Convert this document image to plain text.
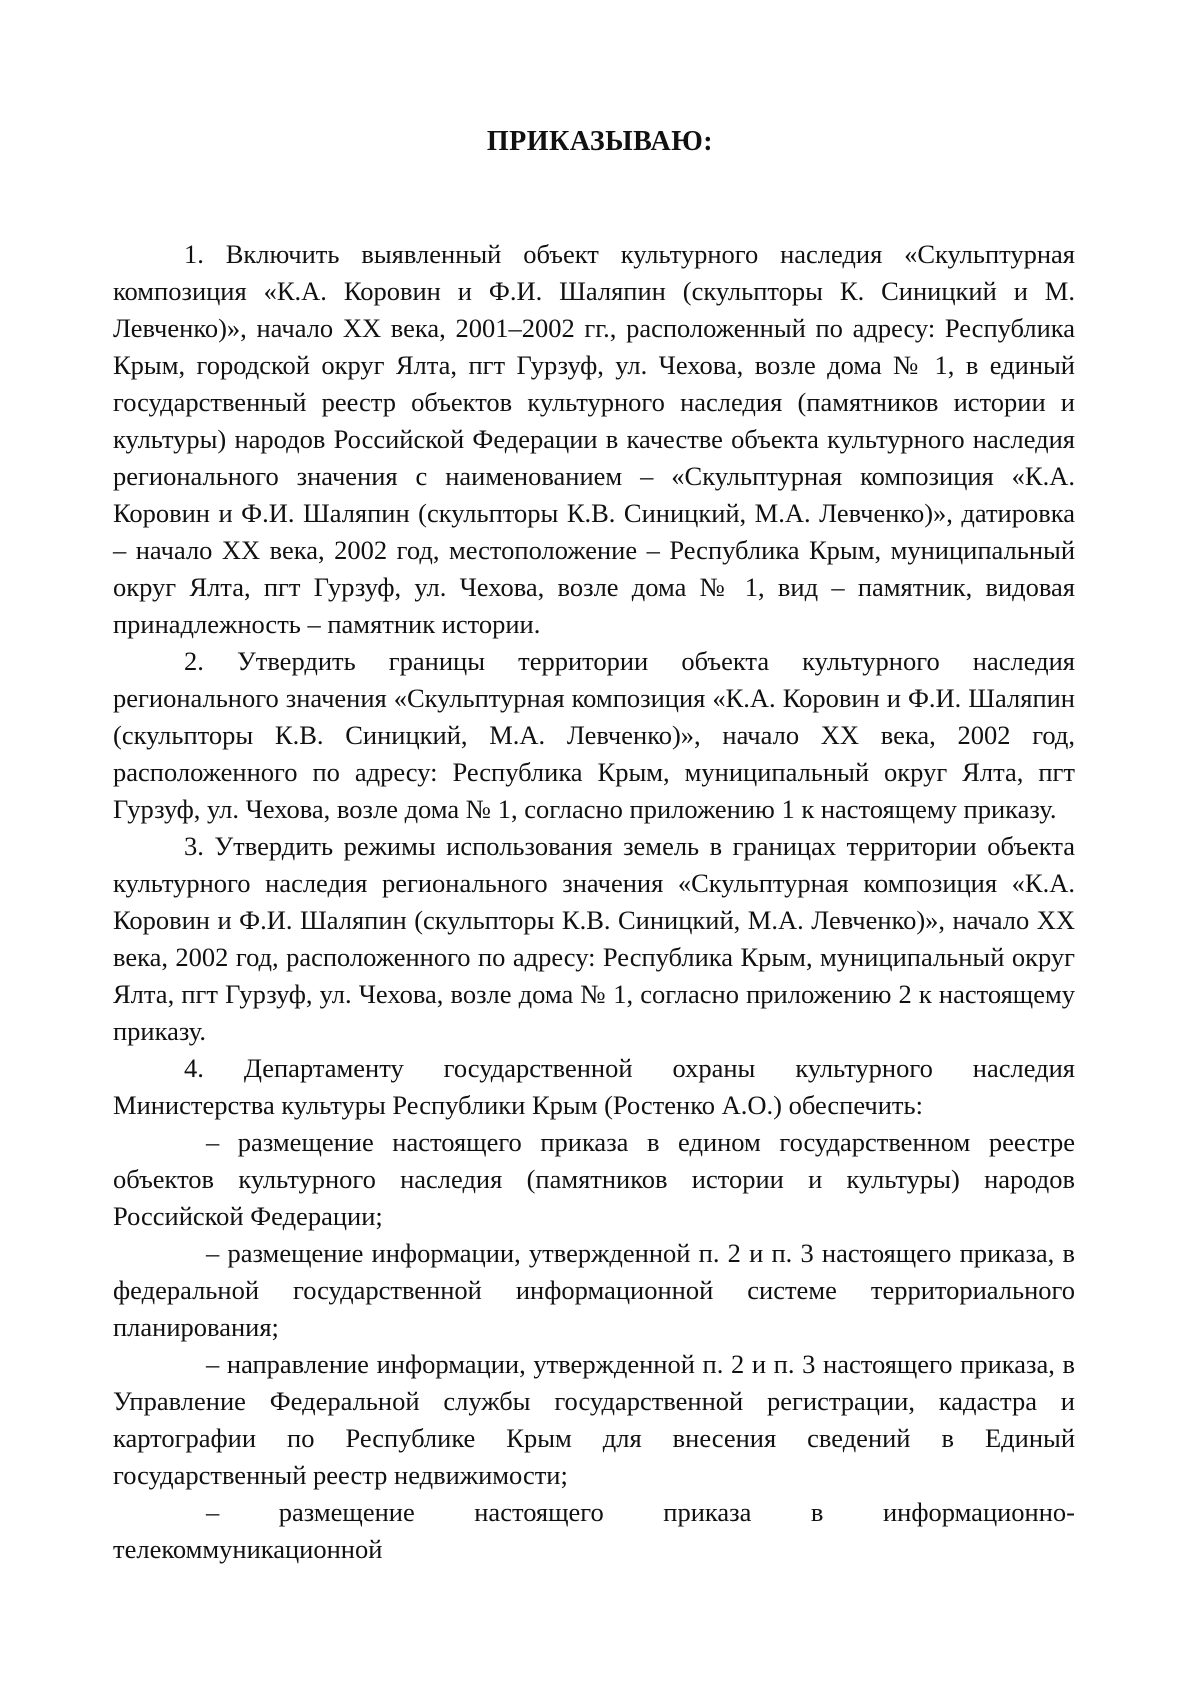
ПРИКАЗЫВАЮ:

1. Включить выявленный объект культурного наследия «Скульптурная композиция «К.А. Коровин и Ф.И. Шаляпин (скульпторы К. Синицкий и М. Левченко)», начало XX века, 2001–2002 гг., расположенный по адресу: Республика Крым, городской округ Ялта, пгт Гурзуф, ул. Чехова, возле дома № 1, в единый государственный реестр объектов культурного наследия (памятников истории и культуры) народов Российской Федерации в качестве объекта культурного наследия регионального значения с наименованием – «Скульптурная композиция «К.А. Коровин и Ф.И. Шаляпин (скульпторы К.В. Синицкий, М.А. Левченко)», датировка – начало XX века, 2002 год, местоположение – Республика Крым, муниципальный округ Ялта, пгт Гурзуф, ул. Чехова, возле дома № 1, вид – памятник, видовая принадлежность – памятник истории.

2. Утвердить границы территории объекта культурного наследия регионального значения «Скульптурная композиция «К.А. Коровин и Ф.И. Шаляпин (скульпторы К.В. Синицкий, М.А. Левченко)», начало XX века, 2002 год, расположенного по адресу: Республика Крым, муниципальный округ Ялта, пгт Гурзуф, ул. Чехова, возле дома № 1, согласно приложению 1 к настоящему приказу.

3. Утвердить режимы использования земель в границах территории объекта культурного наследия регионального значения «Скульптурная композиция «К.А. Коровин и Ф.И. Шаляпин (скульпторы К.В. Синицкий, М.А. Левченко)», начало XX века, 2002 год, расположенного по адресу: Республика Крым, муниципальный округ Ялта, пгт Гурзуф, ул. Чехова, возле дома № 1, согласно приложению 2 к настоящему приказу.

4. Департаменту государственной охраны культурного наследия Министерства культуры Республики Крым (Ростенко А.О.) обеспечить:

– размещение настоящего приказа в едином государственном реестре объектов культурного наследия (памятников истории и культуры) народов Российской Федерации;

– размещение информации, утвержденной п. 2 и п. 3 настоящего приказа, в федеральной государственной информационной системе территориального планирования;

– направление информации, утвержденной п. 2 и п. 3 настоящего приказа, в Управление Федеральной службы государственной регистрации, кадастра и картографии по Республике Крым для внесения сведений в Единый государственный реестр недвижимости;

– размещение настоящего приказа в информационно-телекоммуникационной
